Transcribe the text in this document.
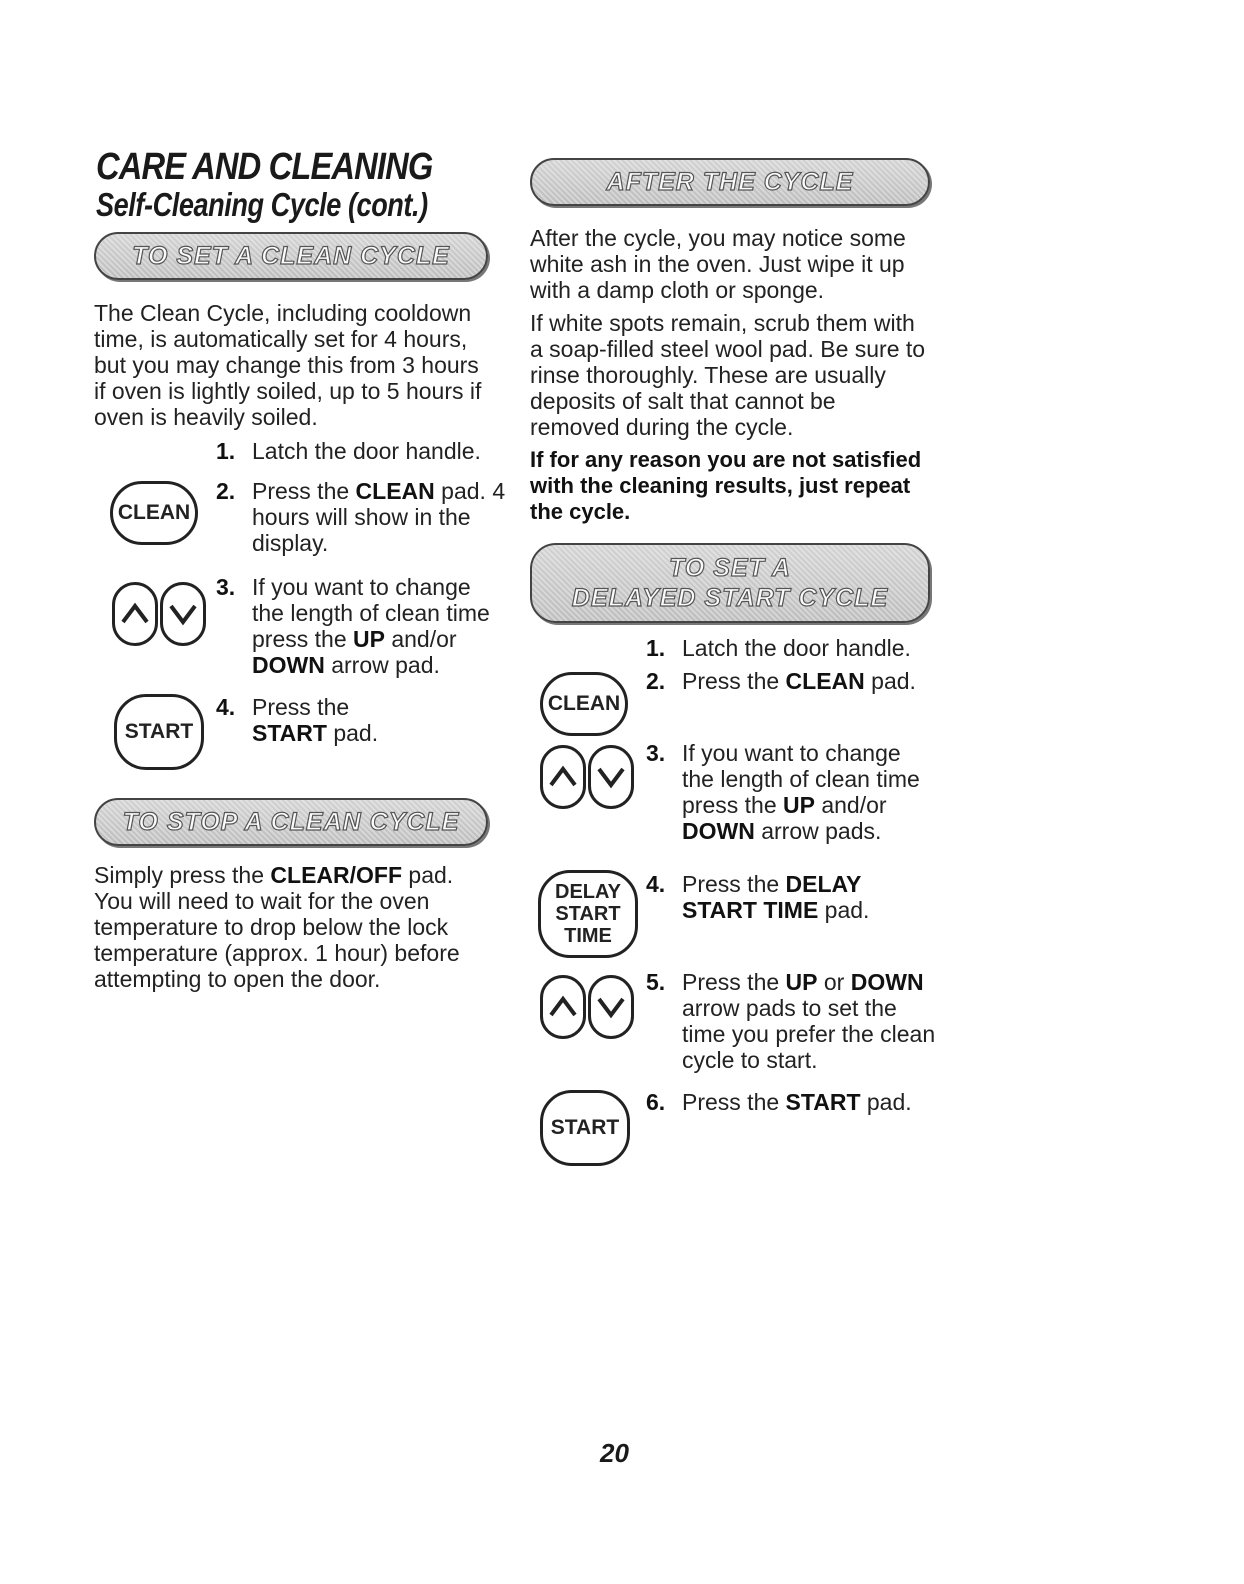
CARE AND CLEANING
Self-Cleaning Cycle (cont.)
TO SET A CLEAN CYCLE
The Clean Cycle, including cooldown time, is automatically set for 4 hours, but you may change this from 3 hours if oven is lightly soiled, up to 5 hours if oven is heavily soiled.
1. Latch the door handle.
CLEAN
2. Press the CLEAN pad. 4 hours will show in the display.
3. If you want to change the length of clean time press the UP and/or DOWN arrow pad.
START
4. Press the
START pad.
TO STOP A CLEAN CYCLE
Simply press the CLEAR/OFF pad. You will need to wait for the oven temperature to drop below the lock temperature (approx. 1 hour) before attempting to open the door.
AFTER THE CYCLE
After the cycle, you may notice some white ash in the oven. Just wipe it up with a damp cloth or sponge.
If white spots remain, scrub them with a soap-filled steel wool pad. Be sure to rinse thoroughly. These are usually deposits of salt that cannot be removed during the cycle.
If for any reason you are not satisfied with the cleaning results, just repeat the cycle.
TO SET A
DELAYED START CYCLE
1. Latch the door handle.
CLEAN
2. Press the CLEAN pad.
3. If you want to change the length of clean time press the UP and/or DOWN arrow pads.
DELAY
START
TIME
4. Press the DELAY START TIME pad.
5. Press the UP or DOWN arrow pads to set the time you prefer the clean cycle to start.
START
6. Press the START pad.
20
